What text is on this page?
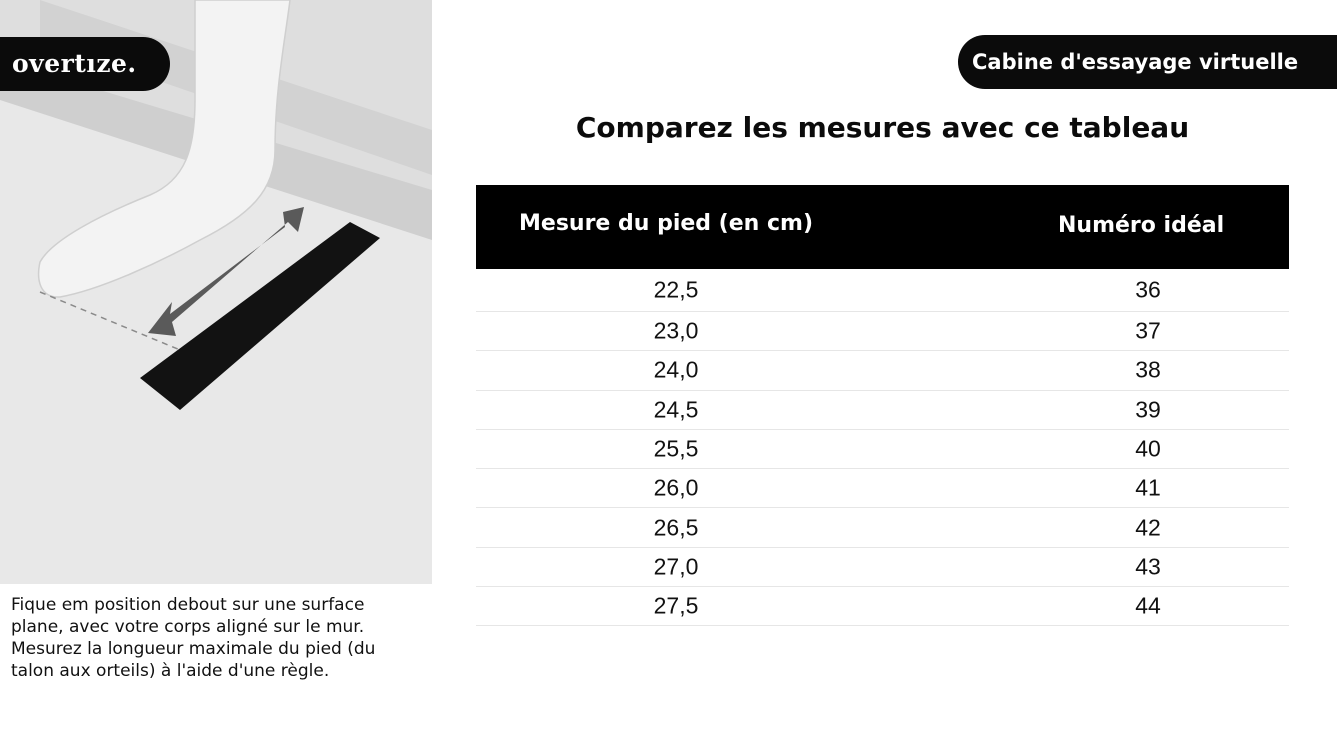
overtıze.	Cabine d'essayage virtuelle
Comparez les mesures avec ce tableau
Mesure du pied (en cm)	Numéro idéal
22,5	36
23,0	37
24,0	38
24,5	39
25,5	40
26,0	41
26,5	42
27,0	43
27,5	44
Fique em position debout sur une surface
plane, avec votre corps aligné sur le mur.
Mesurez la longueur maximale du pied (du
talon aux orteils) à l'aide d'une règle.
